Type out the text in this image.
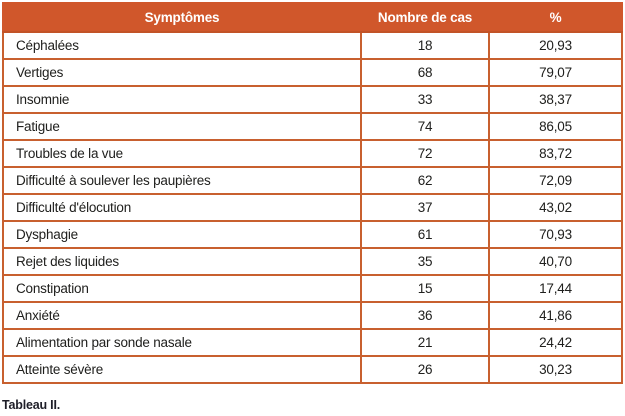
Symptômes	Nombre de cas	%
Céphalées	18	20,93
Vertiges	68	79,07
Insomnie	33	38,37
Fatigue	74	86,05
Troubles de la vue	72	83,72
Difficulté à soulever les paupières	62	72,09
Difficulté d'élocution	37	43,02
Dysphagie	61	70,93
Rejet des liquides	35	40,70
Constipation	15	17,44
Anxiété	36	41,86
Alimentation par sonde nasale	21	24,42
Atteinte sévère	26	30,23
Tableau II.
